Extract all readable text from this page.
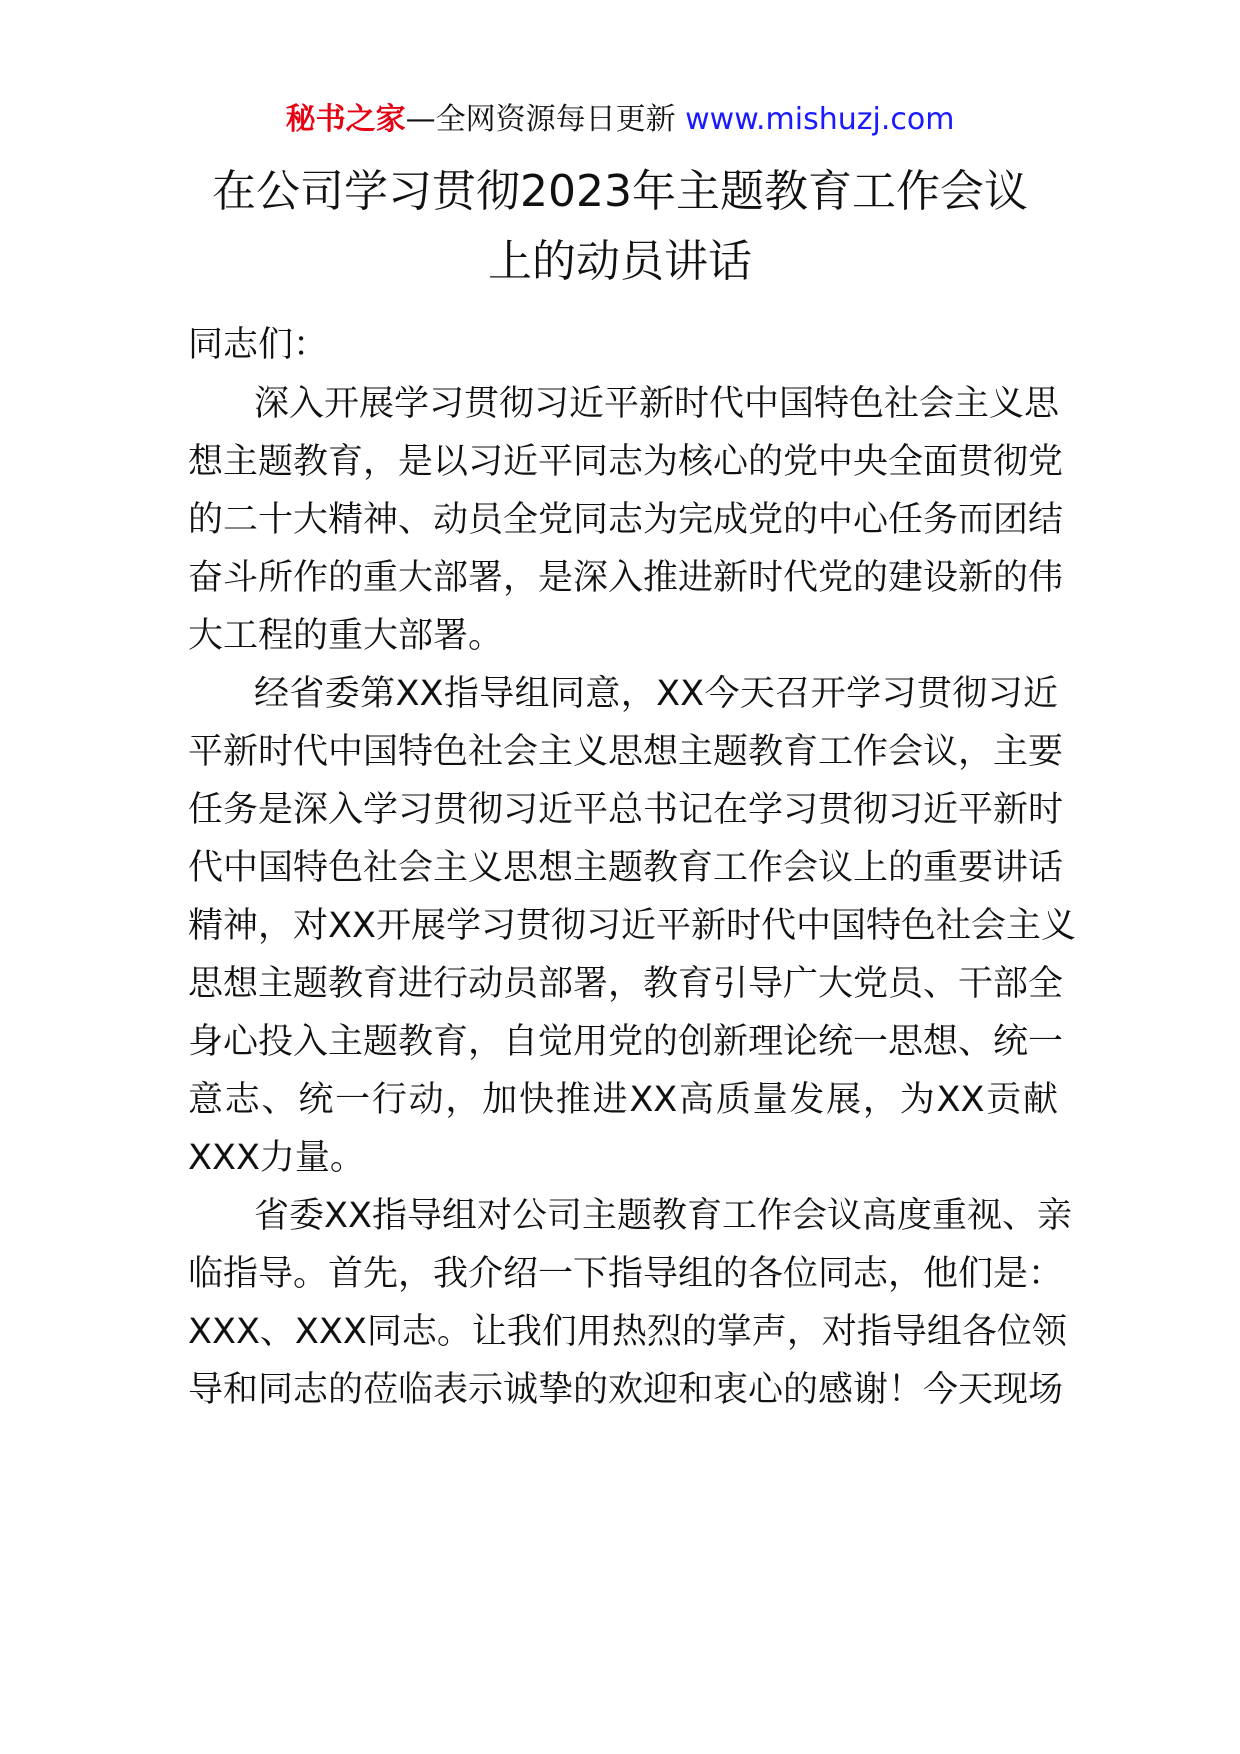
秘书之家—全网资源每日更新 www.mishuzj.com
在公司学习贯彻2023年主题教育工作会议
上的动员讲话
同志们：
深入开展学习贯彻习近平新时代中国特色社会主义思
想主题教育，是以习近平同志为核心的党中央全面贯彻党
的二十大精神、动员全党同志为完成党的中心任务而团结
奋斗所作的重大部署，是深入推进新时代党的建设新的伟
大工程的重大部署。
经省委第XX指导组同意，XX今天召开学习贯彻习近
平新时代中国特色社会主义思想主题教育工作会议，主要
任务是深入学习贯彻习近平总书记在学习贯彻习近平新时
代中国特色社会主义思想主题教育工作会议上的重要讲话
精神，对XX开展学习贯彻习近平新时代中国特色社会主义
思想主题教育进行动员部署，教育引导广大党员、干部全
身心投入主题教育，自觉用党的创新理论统一思想、统一
意志、统一行动，加快推进XX高质量发展，为XX贡献
XXX力量。
省委XX指导组对公司主题教育工作会议高度重视、亲
临指导。首先，我介绍一下指导组的各位同志，他们是：
XXX、XXX同志。让我们用热烈的掌声，对指导组各位领
导和同志的莅临表示诚挚的欢迎和衷心的感谢！今天现场
